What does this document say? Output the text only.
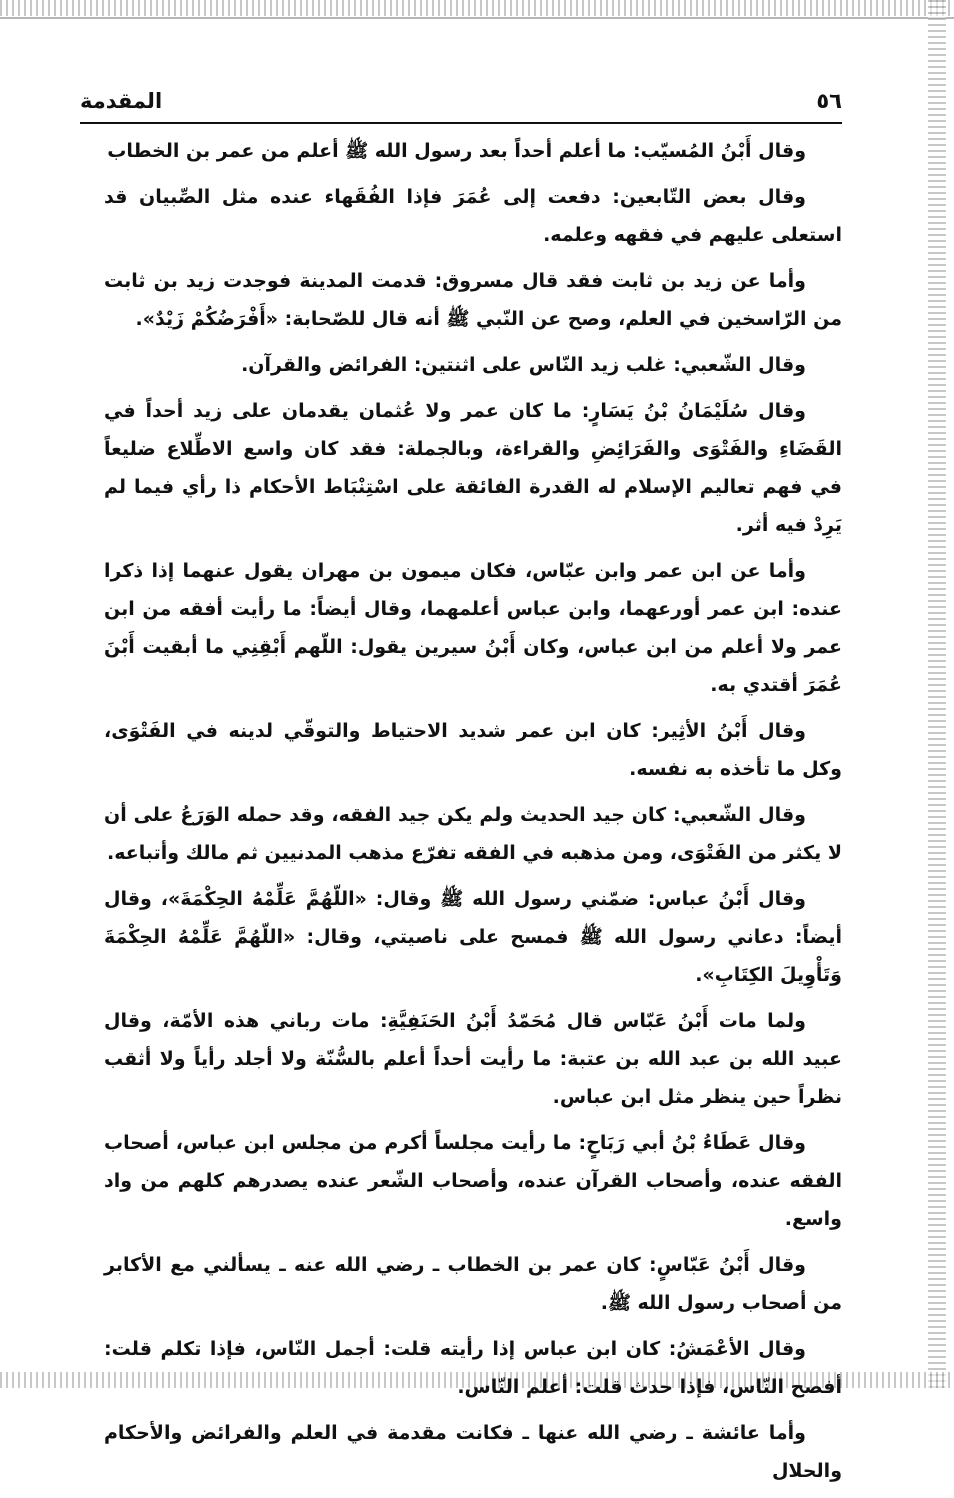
٥٦
المقدمة

وقال أَبْنُ المُسيّب: ما أعلم أحداً بعد رسول الله ﷺ أعلم من عمر بن الخطاب

وقال بعض التّابعين: دفعت إلى عُمَرَ فإذا الفُقَهاء عنده مثل الصِّبيان قد استعلى عليهم في فقهه وعلمه.

وأما عن زيد بن ثابت فقد قال مسروق: قدمت المدينة فوجدت زيد بن ثابت من الرّاسخين في العلم، وصح عن النّبي ﷺ أنه قال للصّحابة: «أَفْرَضُكُمْ زَيْدٌ».

وقال الشّعبي: غلب زيد النّاس على اثنتين: الفرائض والقرآن.

وقال سُلَيْمَانُ بْنُ يَسَارٍ: ما كان عمر ولا عُثمان يقدمان على زيد أحداً في القَضَاءِ والفَتْوَى والفَرَائِضِ والقراءة، وبالجملة: فقد كان واسع الاطِّلاع ضليعاً في فهم تعاليم الإسلام له القدرة الفائقة على اسْتِنْبَاط الأحكام ذا رأي فيما لم يَرِدْ فيه أثر.

وأما عن ابن عمر وابن عبّاس، فكان ميمون بن مهران يقول عنهما إذا ذكرا عنده: ابن عمر أورعهما، وابن عباس أعلمهما، وقال أيضاً: ما رأيت أفقه من ابن عمر ولا أعلم من ابن عباس، وكان أَبْنُ سيرين يقول: اللّهم أَبْقِنِي ما أبقيت أَبْنَ عُمَرَ أقتدي به.

وقال أَبْنُ الأثِير: كان ابن عمر شديد الاحتياط والتوقّي لدينه في الفَتْوَى، وكل ما تأخذه به نفسه.

وقال الشّعبي: كان جيد الحديث ولم يكن جيد الفقه، وقد حمله الوَرَعُ على أن لا يكثر من الفَتْوَى، ومن مذهبه في الفقه تفرّع مذهب المدنيين ثم مالك وأتباعه.

وقال أَبْنُ عباس: ضمّني رسول الله ﷺ وقال: «اللّهُمَّ عَلِّمْهُ الحِكْمَةَ»، وقال أيضاً: دعاني رسول الله ﷺ فمسح على ناصيتي، وقال: «اللّهُمَّ عَلِّمْهُ الحِكْمَةَ وَتَأْوِيلَ الكِتَابِ».

ولما مات أَبْنُ عَبّاس قال مُحَمّدُ أَبْنُ الحَنَفِيَّةِ: مات رباني هذه الأمّة، وقال عبيد الله بن عبد الله بن عتبة: ما رأيت أحداً أعلم بالسُّنّة ولا أجلد رأياً ولا أثقب نظراً حين ينظر مثل ابن عباس.

وقال عَطَاءُ بْنُ أبي رَبَاحٍ: ما رأيت مجلساً أكرم من مجلس ابن عباس، أصحاب الفقه عنده، وأصحاب القرآن عنده، وأصحاب الشّعر عنده يصدرهم كلهم من واد واسع.

وقال أَبْنُ عَبّاسٍ: كان عمر بن الخطاب ـ رضي الله عنه ـ يسألني مع الأكابر من أصحاب رسول الله ﷺ.

وقال الأعْمَشُ: كان ابن عباس إذا رأيته قلت: أجمل النّاس، فإذا تكلم قلت: أفصح النّاس، فإذا حدث قلت: أعلم النّاس.

وأما عائشة ـ رضي الله عنها ـ فكانت مقدمة في العلم والفرائض والأحكام والحلال
